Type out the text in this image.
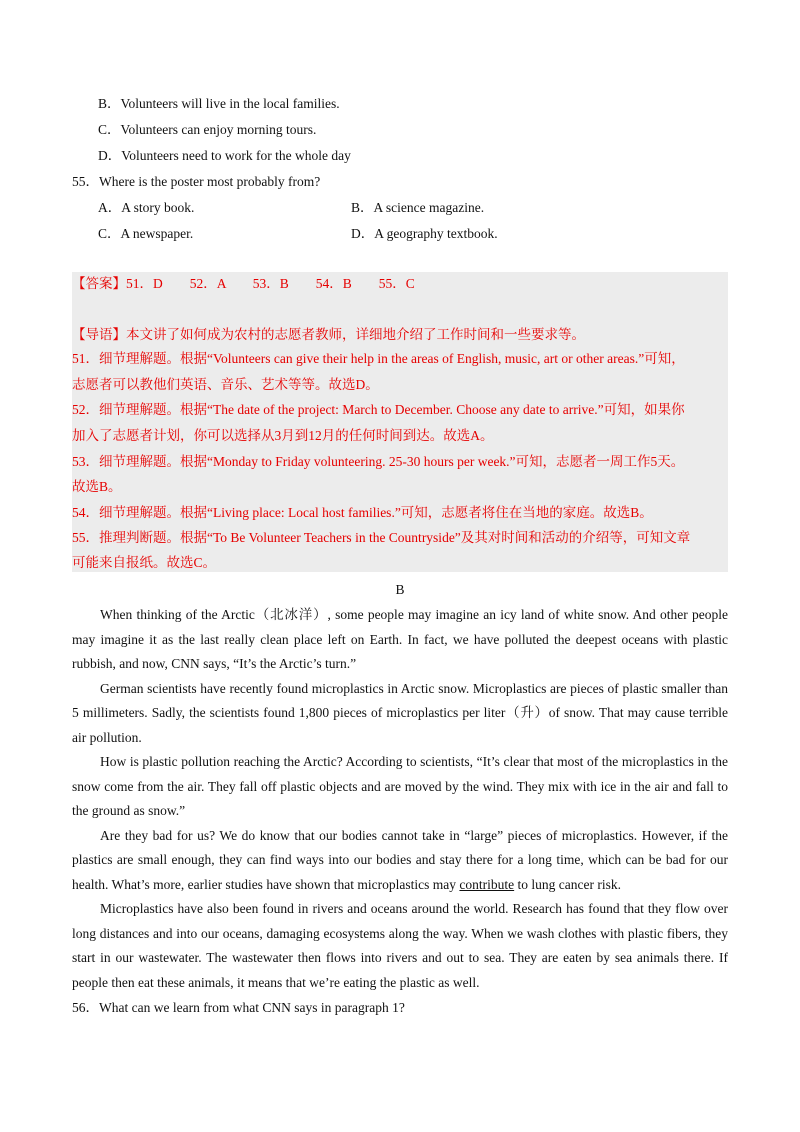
B．Volunteers will live in the local families.
C．Volunteers can enjoy morning tours.
D．Volunteers need to work for the whole day
55．Where is the poster most probably from?
A．A story book.	B．A science magazine.
C．A newspaper.	D．A geography textbook.
【答案】51．D　　52．A　　53．B　　54．B　　55．C
【导语】本文讲了如何成为农村的志愿者教师，详细地介绍了工作时间和一些要求等。
51．细节理解题。根据“Volunteers can give their help in the areas of English, music, art or other areas.”可知，
志愿者可以教他们英语、音乐、艺术等等。故选D。
52．细节理解题。根据“The date of the project: March to December. Choose any date to arrive.”可知，如果你
加入了志愿者计划，你可以选择从3月到12月的任何时间到达。故选A。
53．细节理解题。根据“Monday to Friday volunteering. 25-30 hours per week.”可知，志愿者一周工作5天。
故选B。
54．细节理解题。根据“Living place: Local host families.”可知，志愿者将住在当地的家庭。故选B。
55．推理判断题。根据“To Be Volunteer Teachers in the Countryside”及其对时间和活动的介绍等，可知文章
可能来自报纸。故选C。
B

When thinking of the Arctic（北冰洋）, some people may imagine an icy land of white snow. And other people may imagine it as the last really clean place left on Earth. In fact, we have polluted the deepest oceans with plastic rubbish, and now, CNN says, “It’s the Arctic’s turn.”

German scientists have recently found microplastics in Arctic snow. Microplastics are pieces of plastic smaller than 5 millimeters. Sadly, the scientists found 1,800 pieces of microplastics per liter（升）of snow. That may cause terrible air pollution.

How is plastic pollution reaching the Arctic? According to scientists, “It’s clear that most of the microplastics in the snow come from the air. They fall off plastic objects and are moved by the wind. They mix with ice in the air and fall to the ground as snow.”

Are they bad for us? We do know that our bodies cannot take in “large” pieces of microplastics. However, if the plastics are small enough, they can find ways into our bodies and stay there for a long time, which can be bad for our health. What’s more, earlier studies have shown that microplastics may contribute to lung cancer risk.

Microplastics have also been found in rivers and oceans around the world. Research has found that they flow over long distances and into our oceans, damaging ecosystems along the way. When we wash clothes with plastic fibers, they start in our wastewater. The wastewater then flows into rivers and out to sea. They are eaten by sea animals there. If people then eat these animals, it means that we’re eating the plastic as well.

56．What can we learn from what CNN says in paragraph 1?
